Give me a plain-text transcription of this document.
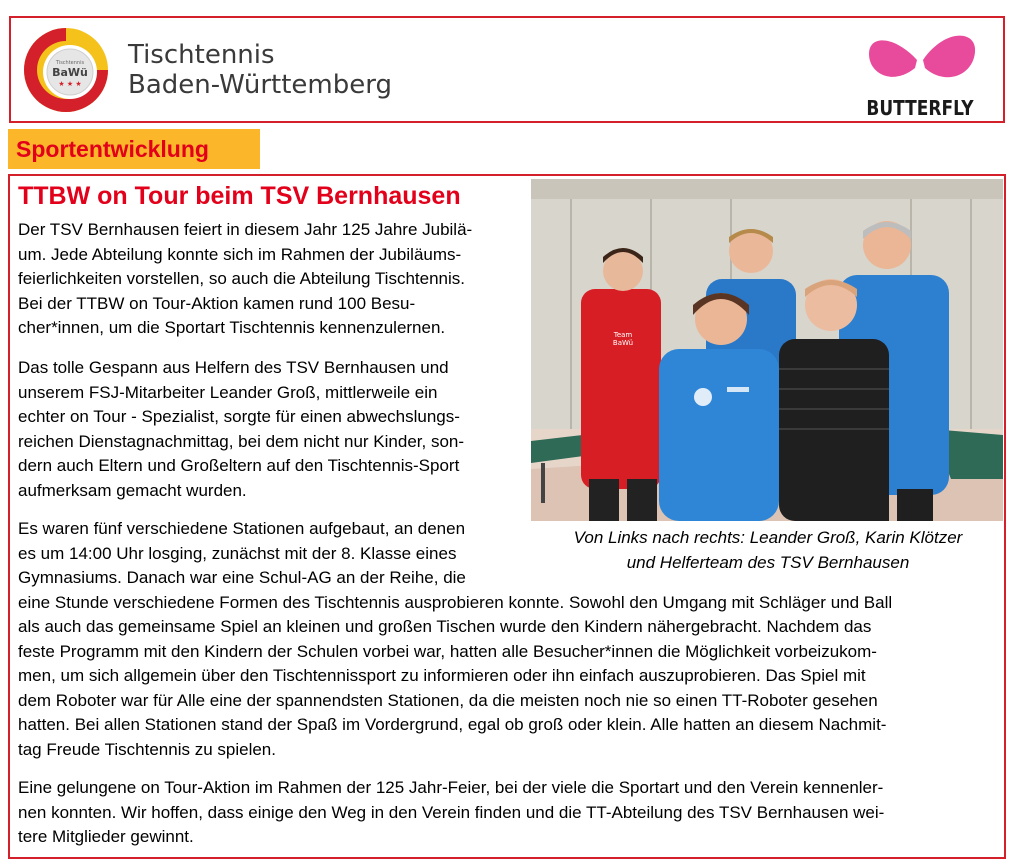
Tischtennis
BaWü
★ ★ ★
Tischtennis
Baden-Württemberg
BUTTERFLY
Sportentwicklung
TTBW on Tour beim TSV Bernhausen
Der TSV Bernhausen feiert in diesem Jahr 125 Jahre Jubilä-
um. Jede Abteilung konnte sich im Rahmen der Jubiläums-
feierlichkeiten vorstellen, so auch die Abteilung Tischtennis.
Bei der TTBW on Tour-Aktion kamen rund 100 Besu-
cher*innen, um die Sportart Tischtennis kennenzulernen.
Das tolle Gespann aus Helfern des TSV Bernhausen und
unserem FSJ-Mitarbeiter Leander Groß, mittlerweile ein
echter on Tour - Spezialist, sorgte für einen abwechslungs-
reichen Dienstagnachmittag, bei dem nicht nur Kinder, son-
dern auch Eltern und Großeltern auf den Tischtennis-Sport
aufmerksam gemacht wurden.
Es waren fünf verschiedene Stationen aufgebaut, an denen
es um 14:00 Uhr losging, zunächst mit der 8. Klasse eines
Gymnasiums. Danach war eine Schul-AG an der Reihe, die
eine Stunde verschiedene Formen des Tischtennis ausprobieren konnte. Sowohl den Umgang mit Schläger und Ball
als auch das gemeinsame Spiel an kleinen und großen Tischen wurde den Kindern nähergebracht. Nachdem das
feste Programm mit den Kindern der Schulen vorbei war, hatten alle Besucher*innen die Möglichkeit vorbeizukom-
men, um sich allgemein über den Tischtennissport zu informieren oder ihn einfach auszuprobieren. Das Spiel mit
dem Roboter war für Alle eine der spannendsten Stationen, da die meisten noch nie so einen TT-Roboter gesehen
hatten. Bei allen Stationen stand der Spaß im Vordergrund, egal ob groß oder klein. Alle hatten an diesem Nachmit-
tag Freude Tischtennis zu spielen.
Eine gelungene on Tour-Aktion im Rahmen der 125 Jahr-Feier, bei der viele die Sportart und den Verein kennenler-
nen konnten. Wir hoffen, dass einige den Weg in den Verein finden und die TT-Abteilung des TSV Bernhausen wei-
tere Mitglieder gewinnt.
Team
BaWü
Von Links nach rechts: Leander Groß, Karin Klötzer
und Helferteam des TSV Bernhausen
